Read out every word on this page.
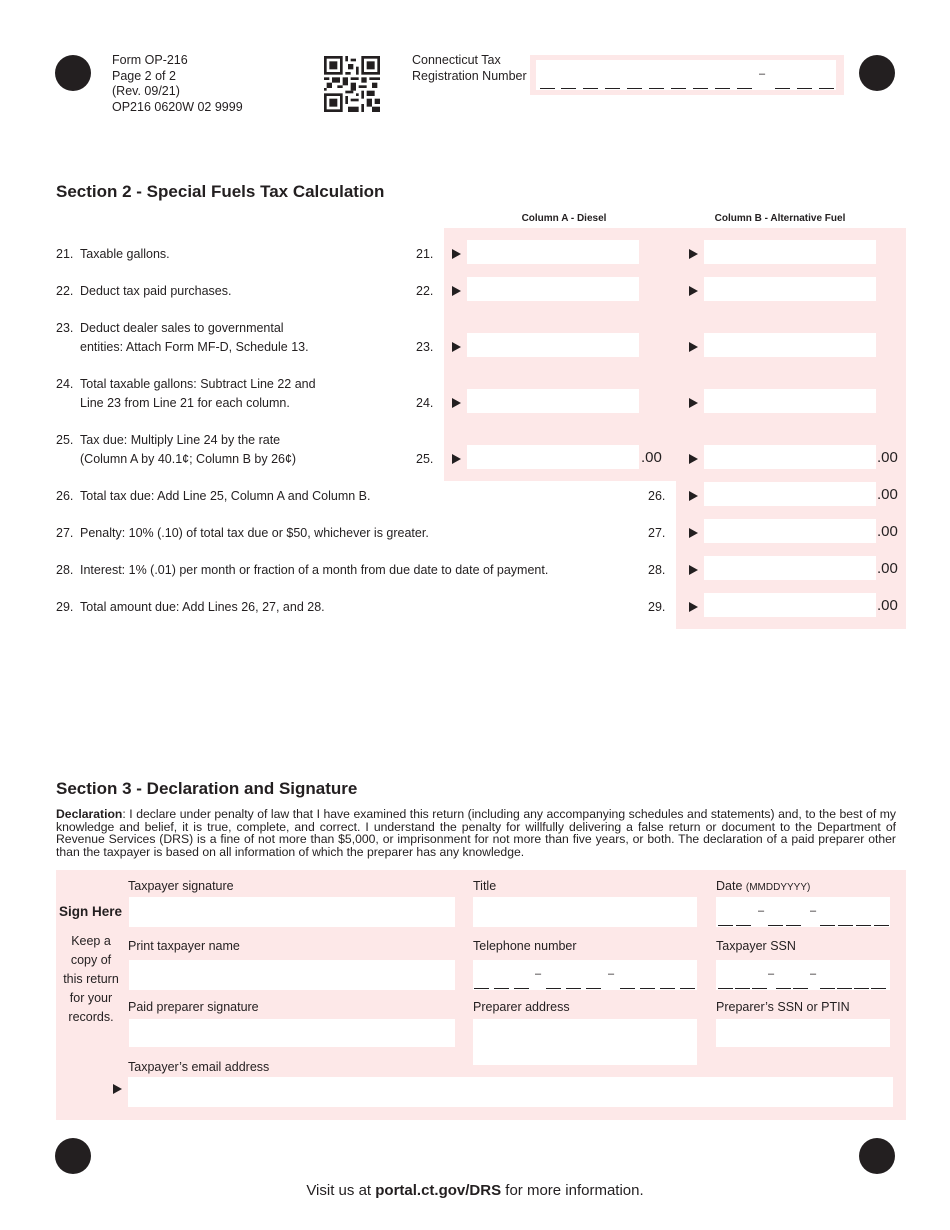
Form OP-216
Page 2 of 2
(Rev. 09/21)
OP216 0620W 02 9999
Connecticut Tax
Registration Number	–
Section 2 - Special Fuels Tax Calculation
Column A - Diesel	Column B - Alternative Fuel
21. Taxable gallons.	21.
22. Deduct tax paid purchases.	22.
23. Deduct dealer sales to governmental
entities: Attach Form MF-D, Schedule 13.	23.
24. Total taxable gallons: Subtract Line 22 and
Line 23 from Line 21 for each column.	24.
25. Tax due: Multiply Line 24 by the rate
(Column A by 40.1¢; Column B by 26¢)	25.	.00	.00
26. Total tax due: Add Line 25, Column A and Column B.	26.	.00
27. Penalty: 10% (.10) of total tax due or $50, whichever is greater.	27.	.00
28. Interest: 1% (.01) per month or fraction of a month from due date to date of payment.	28.	.00
29. Total amount due: Add Lines 26, 27, and 28.	29.	.00
Section 3 - Declaration and Signature
Declaration: I declare under penalty of law that I have examined this return (including any accompanying schedules and statements) and, to the best of my knowledge and belief, it is true, complete, and correct. I understand the penalty for willfully delivering a false return or document to the Department of Revenue Services (DRS) is a fine of not more than $5,000, or imprisonment for not more than five years, or both. The declaration of a paid preparer other than the taxpayer is based on all information of which the preparer has any knowledge.
Sign Here
Keep a
copy of
this return
for your
records.
Taxpayer signature	Title	Date (MMDDYYYY)
–	–
Print taxpayer name	Telephone number
–	–
Taxpayer SSN
–	–
Paid preparer signature	Preparer address	Preparer’s SSN or PTIN
Taxpayer’s email address
Visit us at portal.ct.gov/DRS for more information.
